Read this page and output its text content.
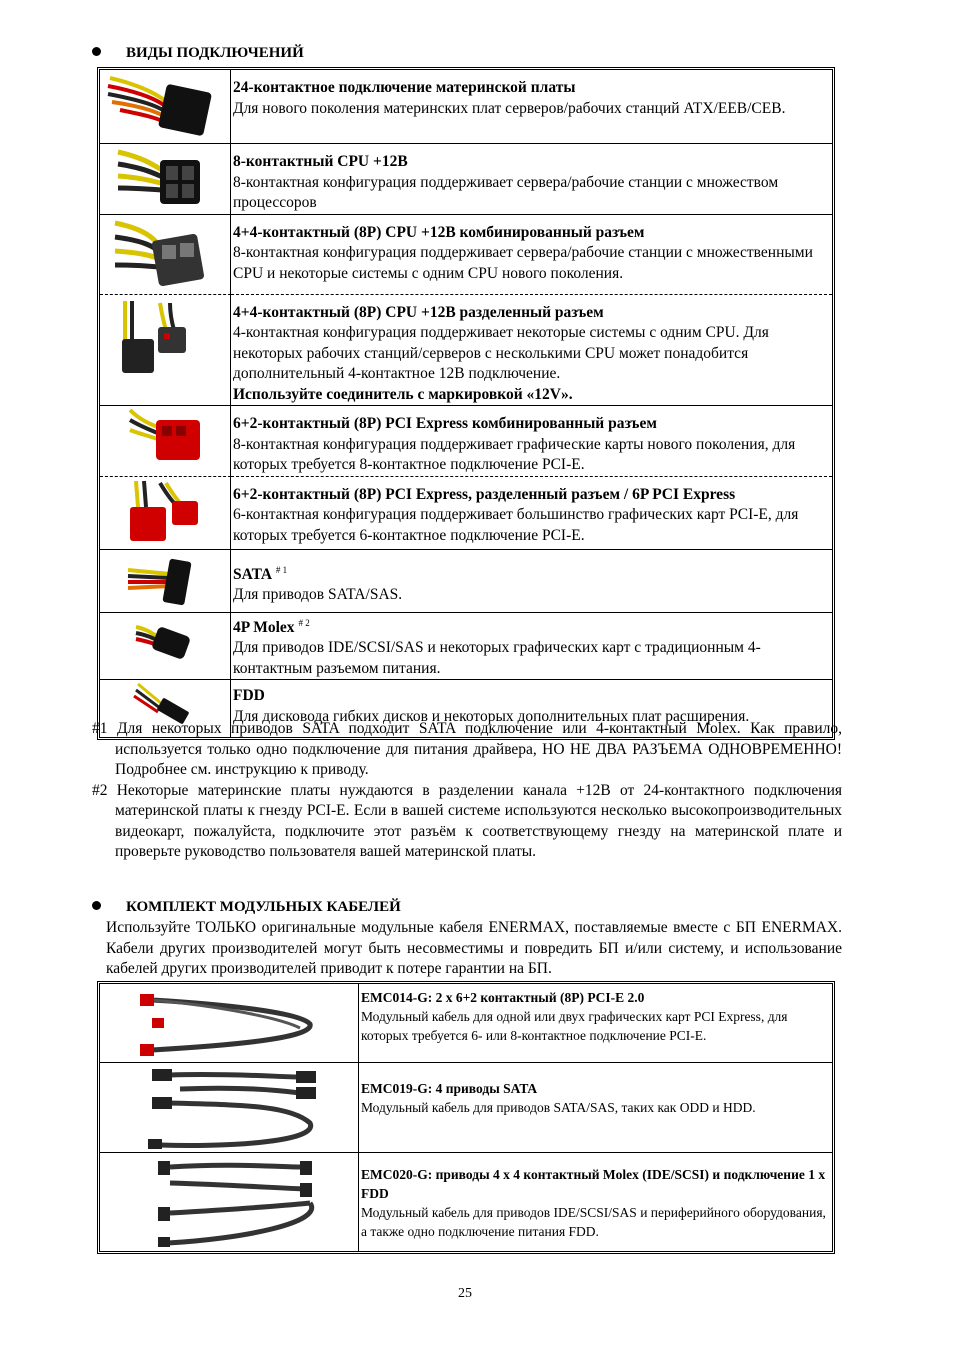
ВИДЫ ПОДКЛЮЧЕНИЙ

24-контактное подключение материнской платы
Для нового поколения материнских плат серверов/рабочих станций ATX/EEB/CEB.

8-контактный CPU +12В
8-контактная конфигурация поддерживает сервера/рабочие станции с множеством процессоров

4+4-контактный (8P) CPU +12В комбинированный разъем
8-контактная конфигурация поддерживает сервера/рабочие станции с множественными CPU и некоторые системы с одним CPU нового поколения.

4+4-контактный (8P) CPU +12В разделенный разъем
4-контактная конфигурация поддерживает некоторые системы с одним CPU. Для некоторых рабочих станций/серверов с несколькими CPU может понадобится дополнительный 4-контактное 12В подключение.
Используйте соединитель с маркировкой «12V».

6+2-контактный (8P) PCI Express комбинированный разъем
8-контактная конфигурация поддерживает графические карты нового поколения, для которых требуется 8-контактное подключение PCI-E.

6+2-контактный (8P) PCI Express, разделенный разъем / 6P PCI Express
6-контактная конфигурация поддерживает большинство графических карт PCI-E, для которых требуется 6-контактное подключение PCI-E.

SATA $^{\# 1}$
Для приводов SATA/SAS.

4P Molex $^{\# 2}$
Для приводов IDE/SCSI/SAS и некоторых графических карт с традиционным 4-контактным разъемом питания.

FDD
Для дисковода гибких дисков и некоторых дополнительных плат расширения.
#1 Для некоторых приводов SATA подходит SATA подключение или 4-контактный Molex. Как правило, используется только одно подключение для питания драйвера, НО НЕ ДВА РАЗЪЕМА ОДНОВРЕМЕННО! Подробнее см. инструкцию к приводу.
#2 Некоторые материнские платы нуждаются в разделении канала +12В от 24-контактного подключения материнской платы к гнезду PCI-E. Если в вашей системе используются несколько высокопроизводительных видеокарт, пожалуйста, подключите этот разъём к соответствующему гнезду на материнской плате и проверьте руководство пользователя вашей материнской платы.
КОМПЛЕКТ МОДУЛЬНЫХ КАБЕЛЕЙ
Используйте ТОЛЬКО оригинальные модульные кабеля ENERMAX, поставляемые вместе с БП ENERMAX. Кабели других производителей могут быть несовместимы и повредить БП и/или систему, и использование кабелей других производителей приводит к потере гарантии на БП.

EMC014-G: 2 х 6+2 контактный (8P) PCI-E 2.0
Модульный кабель для одной или двух графических карт PCI Express, для которых требуется 6- или 8-контактное подключение PCI-E.

EMC019-G: 4 приводы SATA
Модульный кабель для приводов SATA/SAS, таких как ODD и HDD.

EMC020-G: приводы 4 х 4 контактный Molex (IDE/SCSI) и подключение 1 х FDD
Модульный кабель для приводов IDE/SCSI/SAS и периферийного оборудования, а также одно подключение питания FDD.
25
